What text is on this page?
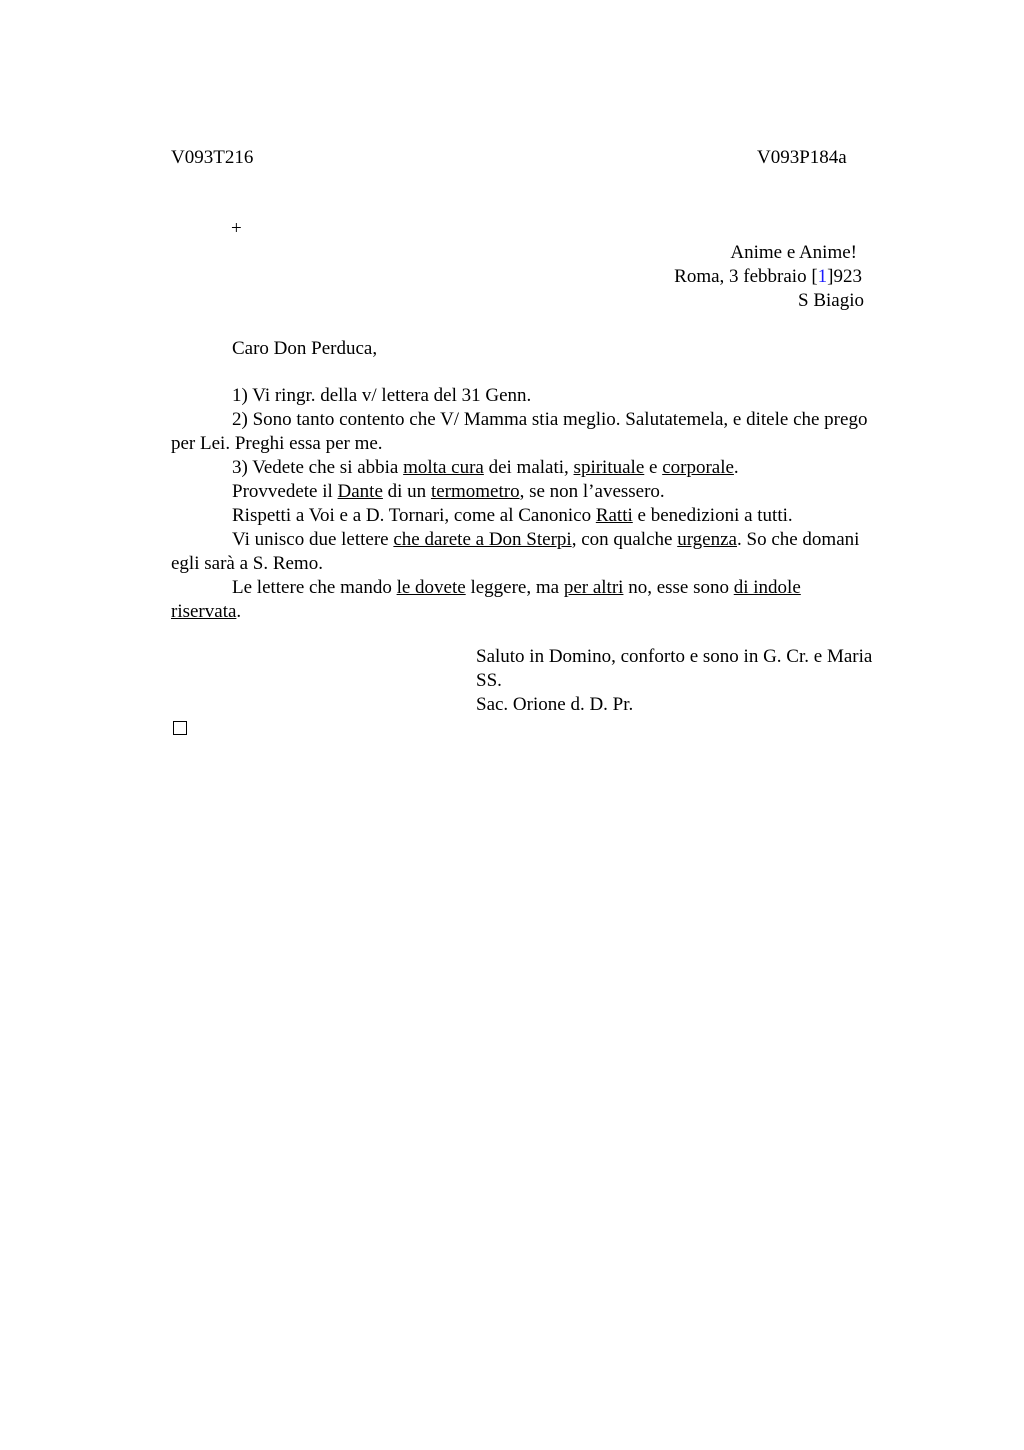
V093T216	V093P184a
+
Anime e Anime!
Roma, 3 febbraio [1]923
S Biagio
Caro Don Perduca,
1) Vi ringr. della v/ lettera del 31 Genn.
2) Sono tanto contento che V/ Mamma stia meglio. Salutatemela, e ditele che prego
per Lei. Preghi essa per me.
3) Vedete che si abbia molta cura dei malati, spirituale e corporale.
Provvedete il Dante di un termometro, se non l’avessero.
Rispetti a Voi e a D. Tornari, come al Canonico Ratti e benedizioni a tutti.
Vi unisco due lettere che darete a Don Sterpi, con qualche urgenza. So che domani
egli sarà a S. Remo.
Le lettere che mando le dovete leggere, ma per altri no, esse sono di indole
riservata.
Saluto in Domino, conforto e sono in G. Cr. e Maria
SS.
Sac. Orione d. D. Pr.
